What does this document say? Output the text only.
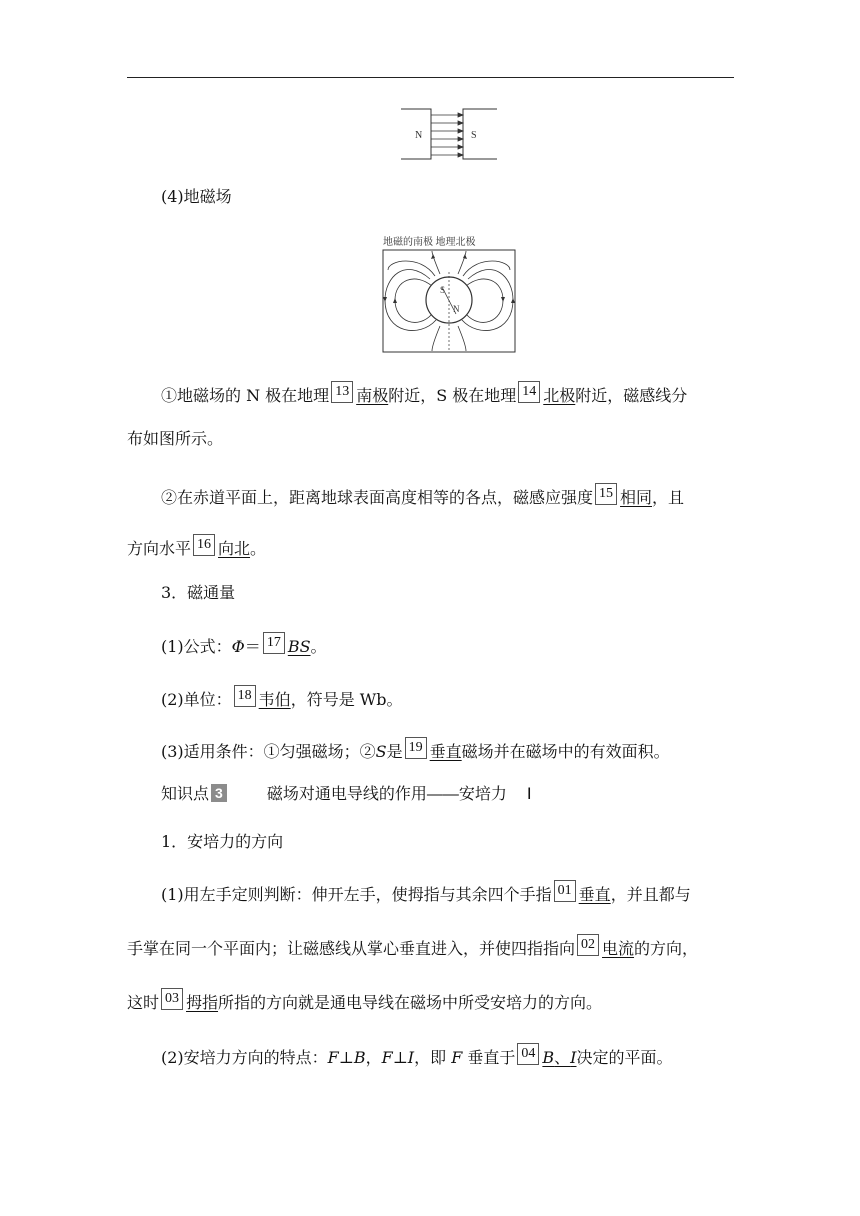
N	S
(4)地磁场
地磁的南极 地理北极
S
N
①地磁场的 N 极在地理 13 南极附近，S 极在地理 14 北极附近，磁感线分
布如图所示。
②在赤道平面上，距离地球表面高度相等的各点，磁感应强度 15 相同，且
方向水平 16 向北。
3．磁通量
(1)公式：Φ＝ 17 BS。
(2)单位： 18 韦伯，符号是 Wb。
(3)适用条件：①匀强磁场；②S是 19 垂直磁场并在磁场中的有效面积。
知识点 3	磁场对通电导线的作用——安培力 Ⅰ
1．安培力的方向
(1)用左手定则判断：伸开左手，使拇指与其余四个手指 01 垂直，并且都与
手掌在同一个平面内；让磁感线从掌心垂直进入，并使四指指向 02 电流的方向，
这时 03 拇指所指的方向就是通电导线在磁场中所受安培力的方向。
(2)安培力方向的特点：F⊥B，F⊥I，即 F 垂直于 04 B、I决定的平面。
